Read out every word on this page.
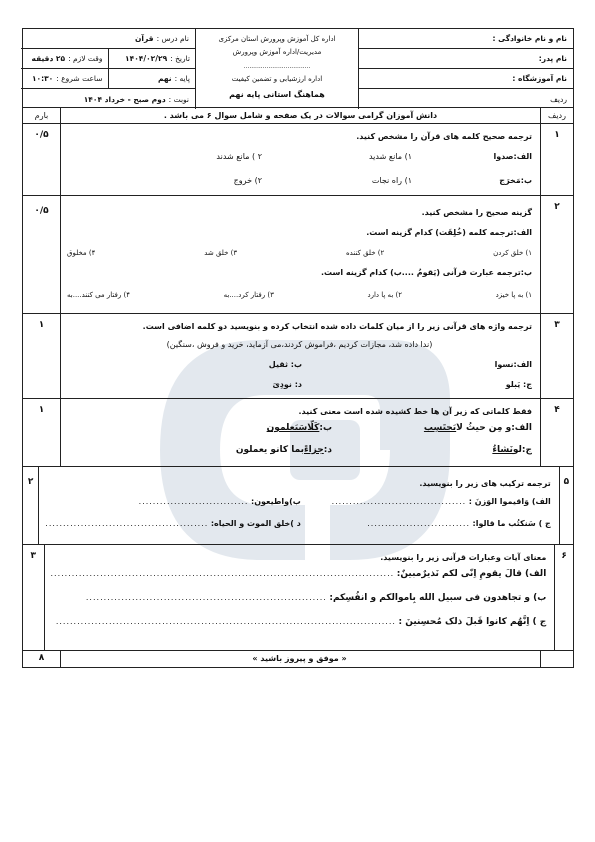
نام و نام خانوادگی :
نام پدر:
نام آموزشگاه :
ردیف
اداره کل آموزش وپرورش استان مرکزی
مدیریت/اداره آموزش وپرورش
...................................
اداره ارزشیابی و تضمین کیفیت
هماهنگ استانی پایه نهم
نام درس :
قرآن
تاریخ :
۱۴۰۴/۰۲/۲۹
وقت لازم :
۲۵ دقیقه
پایه :
نهم
ساعت شروع :
۱۰:۳۰
نوبت :
دوم صبح - خرداد ۱۴۰۴
ردیف
دانش آموزان گرامی سوالات در یک صفحه و شامل سوال ۶ می باشد .
بارم
۱
ترجمه صحیح کلمه های قرآن را مشخص کنید.
الف:صدوا
۱) مانع شدید
۲ ) مانع شدند
ب:مَخرَج
۱) راه نجات
۲) خروج
۰/۵
۲
گزینه صحیح را مشخص کنید.
الف:ترجمه کلمه (خُلِقَت) کدام گزینه است.
۱) خلق کردن
۲) خلق کننده
۳) خلق شد
۴) مخلوق
ب:ترجمه عبارت قرآنی (یَقومُ ....ب) کدام گزینه است.
۱) به پا خیزد
۲) به پا دارد
۳) رفتار کرد....به
۴) رفتار می کنند....به
۰/۵
۳
ترجمه واژه های قرآنی زیر را از میان کلمات داده شده انتخاب کرده و بنویسید دو کلمه اضافی است.
(ندا داده شد، مجازات کردیم ،فراموش کردند،می آزماید، خرید و فروش ،سنگین)
الف:نسوا
ب: ثقیل
ج: یَبلو
د: نودِیَ
۱
۴
فقط کلماتی که زیر آن ها خط کشیده شده است معنی کنید.
الف:و مِن حیثُ لایَحتَسِب
ب:کَلّاسَیَعلمون
ج:لونَشاءُ
د:جزاءًبما کانو یعملون
۱
۵
ترجمه ترکیب های زیر را بنویسید.
الف) وَاقیموا الوَزنَ : ......................................
ب)واطیعون: ...............................
ج ) سَنکتُب ما قالوا: .............................
د )خلق الموت و الحیاه: ..............................................
۲
۶
معنای آیات وعبارات قرآنی زیر را بنویسید.
الف) قالَ یقومِ اِنّی لکم نَذیرٌمبینٌ: .................................................................................................
ب) و تجاهدون فی سبیل الله بِاموالکم و انفُسِکم: ....................................................................
ج ) اِنَّهُم کانوا قَبلَ ذلک مُحسِنینَ : ................................................................................................
۳
« موفق و پیروز باشید »
۸
